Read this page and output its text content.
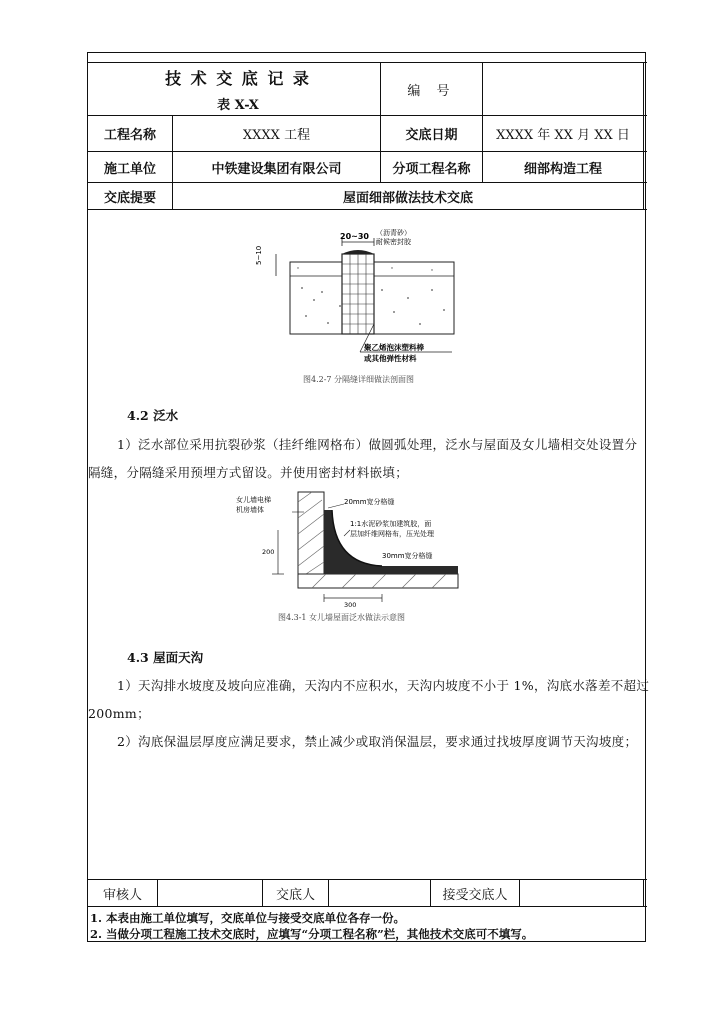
技 术 交 底 记 录
表 X-X
编 号
工程名称	XXXX 工程	交底日期	XXXX 年 XX 月 XX 日
施工单位	中铁建设集团有限公司	分项工程名称	细部构造工程
交底提要	屋面细部做法技术交底
20~30 （沥青砂）
耐候密封胶
5~10
聚乙烯泡沫塑料棒
或其他弹性材料
图4.2-7 分隔缝详细做法剖面图
4.2 泛水
1）泛水部位采用抗裂砂浆（挂纤维网格布）做圆弧处理，泛水与屋面及女儿墙相交处设置分
隔缝，分隔缝采用预埋方式留设。并使用密封材料嵌填；
女儿墙电梯
机房墙体
20mm宽分格缝
1:1水泥砂浆加建筑胶，面
层加纤维网格布，压光处理
30mm宽分格缝
200
300
图4.3-1 女儿墙屋面泛水做法示意图
4.3 屋面天沟
1）天沟排水坡度及坡向应准确，天沟内不应积水，天沟内坡度不小于 1%，沟底水落差不超过
200mm；
2）沟底保温层厚度应满足要求，禁止减少或取消保温层，要求通过找坡厚度调节天沟坡度；
审核人	交底人	接受交底人
1. 本表由施工单位填写，交底单位与接受交底单位各存一份。
2. 当做分项工程施工技术交底时，应填写“分项工程名称”栏，其他技术交底可不填写。
